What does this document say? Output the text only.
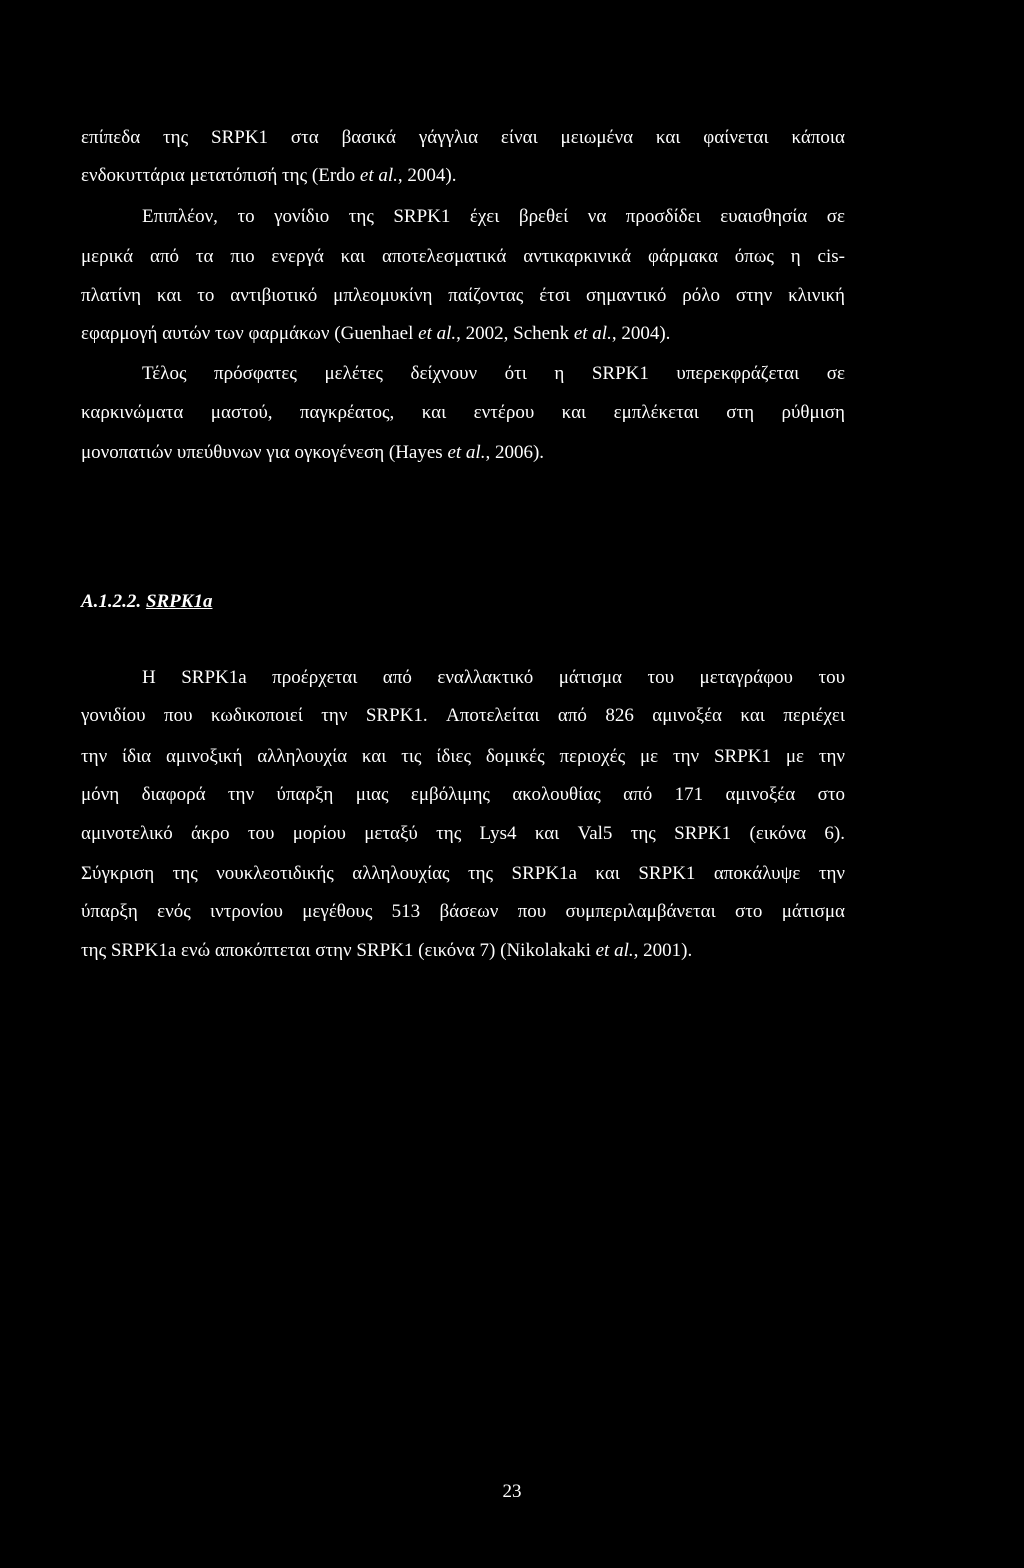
επίπεδα της SRPK1 στα βασικά γάγγλια είναι μειωμένα και φαίνεται κάποια

ενδοκυττάρια μετατόπισή της (Erdo et al., 2004).

Επιπλέον, το γονίδιο της SRPK1 έχει βρεθεί να προσδίδει ευαισθησία σε

μερικά από τα πιο ενεργά και αποτελεσματικά αντικαρκινικά φάρμακα όπως η cis-

πλατίνη και το αντιβιοτικό μπλεομυκίνη παίζοντας έτσι σημαντικό ρόλο στην κλινική

εφαρμογή αυτών των φαρμάκων (Guenhael et al., 2002, Schenk et al., 2004).

Τέλος πρόσφατες μελέτες δείχνουν ότι η SRPK1 υπερεκφράζεται σε

καρκινώματα μαστού, παγκρέατος, και εντέρου και εμπλέκεται στη ρύθμιση

μονοπατιών υπεύθυνων για ογκογένεση (Hayes et al., 2006).

A.1.2.2. SRPK1a

Η SRPK1a προέρχεται από εναλλακτικό μάτισμα του μεταγράφου του

γονιδίου που κωδικοποιεί την SRPK1. Αποτελείται από 826 αμινοξέα και περιέχει

την ίδια αμινοξική αλληλουχία και τις ίδιες δομικές περιοχές με την SRPK1 με την

μόνη διαφορά την ύπαρξη μιας εμβόλιμης ακολουθίας από 171 αμινοξέα στο

αμινοτελικό άκρο του μορίου μεταξύ της Lys4 και Val5 της SRPK1 (εικόνα 6).

Σύγκριση της νουκλεοτιδικής αλληλουχίας της SRPK1a και SRPK1 αποκάλυψε την

ύπαρξη ενός ιντρονίου μεγέθους 513 βάσεων που συμπεριλαμβάνεται στο μάτισμα

της SRPK1a ενώ αποκόπτεται στην SRPK1 (εικόνα 7) (Nikolakaki et al., 2001).

23
